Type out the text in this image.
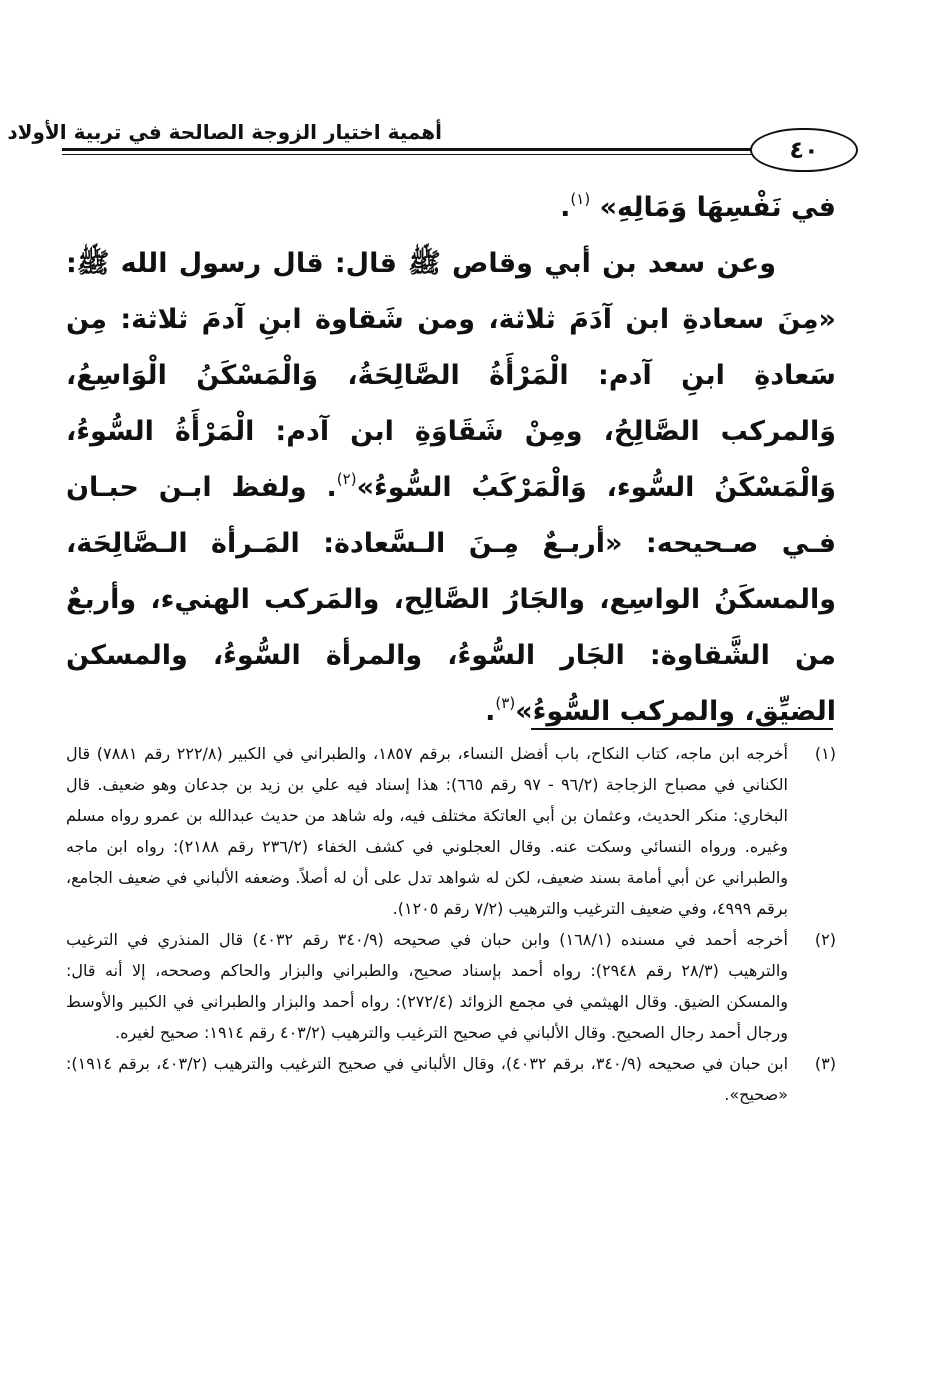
أهمية اختيار الزوجة الصالحة في تربية الأولاد
٤٠

في نَفْسِهَا وَمَالِهِ» $^{(١)}$.

وعن سعد بن أبي وقاص ﷺ قال: قال رسول الله ﷺ: «مِنَ سعادةِ ابن آدَمَ ثلاثة، ومن شَقاوة ابنِ آدمَ ثلاثة: مِن سَعادةِ ابنِ آدم: الْمَرْأَةُ الصَّالِحَةُ، وَالْمَسْكَنُ الْوَاسِعُ، وَالمركب الصَّالِحُ، ومِنْ شَقَاوَةِ ابن آدم: الْمَرْأَةُ السُّوءُ، وَالْمَسْكَنُ السُّوء، وَالْمَرْكَبُ السُّوءُ»$^{(٢)}$. ولفظ ابـن حبـان فـي صـحيحه: «أربـعٌ مِـنَ الـسَّعادة: المَـرأة الـصَّالِحَة، والمسكَنُ الواسِع، والجَارُ الصَّالِح، والمَركب الهنيء، وأربعٌ من الشَّقاوة: الجَار السُّوءُ، والمرأة السُّوءُ، والمسكن الضيِّق، والمركب السُّوءُ»$^{(٣)}$.

(١)
أخرجه ابن ماجه، كتاب النكاح، باب أفضل النساء، برقم ١٨٥٧، والطبراني في الكبير (٢٢٢/٨ رقم ٧٨٨١) قال الكناني في مصباح الزجاجة (٩٦/٢ - ٩٧ رقم ٦٦٥): هذا إسناد فيه علي بن زيد بن جدعان وهو ضعيف. قال البخاري: منكر الحديث، وعثمان بن أبي العاتكة مختلف فيه، وله شاهد من حديث عبدالله بن عمرو رواه مسلم وغيره. ورواه النسائي وسكت عنه. وقال العجلوني في كشف الخفاء (٢٣٦/٢ رقم ٢١٨٨): رواه ابن ماجه والطبراني عن أبي أمامة بسند ضعيف، لكن له شواهد تدل على أن له أصلاً. وضعفه الألباني في ضعيف الجامع، برقم ٤٩٩٩، وفي ضعيف الترغيب والترهيب (٧/٢ رقم ١٢٠٥).
(٢)
أخرجه أحمد في مسنده (١٦٨/١) وابن حبان في صحيحه (٣٤٠/٩ رقم ٤٠٣٢) قال المنذري في الترغيب والترهيب (٢٨/٣ رقم ٢٩٤٨): رواه أحمد بإسناد صحيح، والطبراني والبزار والحاكم وصححه، إلا أنه قال: والمسكن الضيق. وقال الهيثمي في مجمع الزوائد (٢٧٢/٤): رواه أحمد والبزار والطبراني في الكبير والأوسط ورجال أحمد رجال الصحيح. وقال الألباني في صحيح الترغيب والترهيب (٤٠٣/٢ رقم ١٩١٤: صحيح لغيره.
(٣)
ابن حبان في صحيحه (٣٤٠/٩، برقم ٤٠٣٢)، وقال الألباني في صحيح الترغيب والترهيب (٤٠٣/٢، برقم ١٩١٤): «صحيح».
